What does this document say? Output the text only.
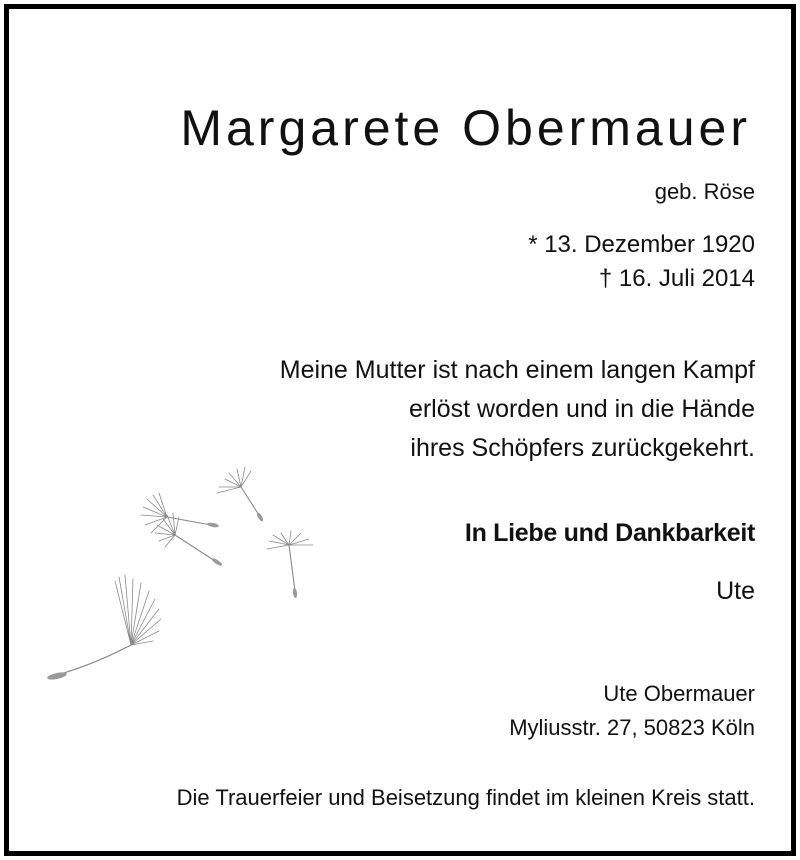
Margarete Obermauer
geb. Röse
* 13. Dezember 1920
† 16. Juli 2014
Meine Mutter ist nach einem langen Kampf
erlöst worden und in die Hände
ihres Schöpfers zurückgekehrt.
In Liebe und Dankbarkeit
Ute
Ute Obermauer
Myliusstr. 27, 50823 Köln
Die Trauerfeier und Beisetzung findet im kleinen Kreis statt.
